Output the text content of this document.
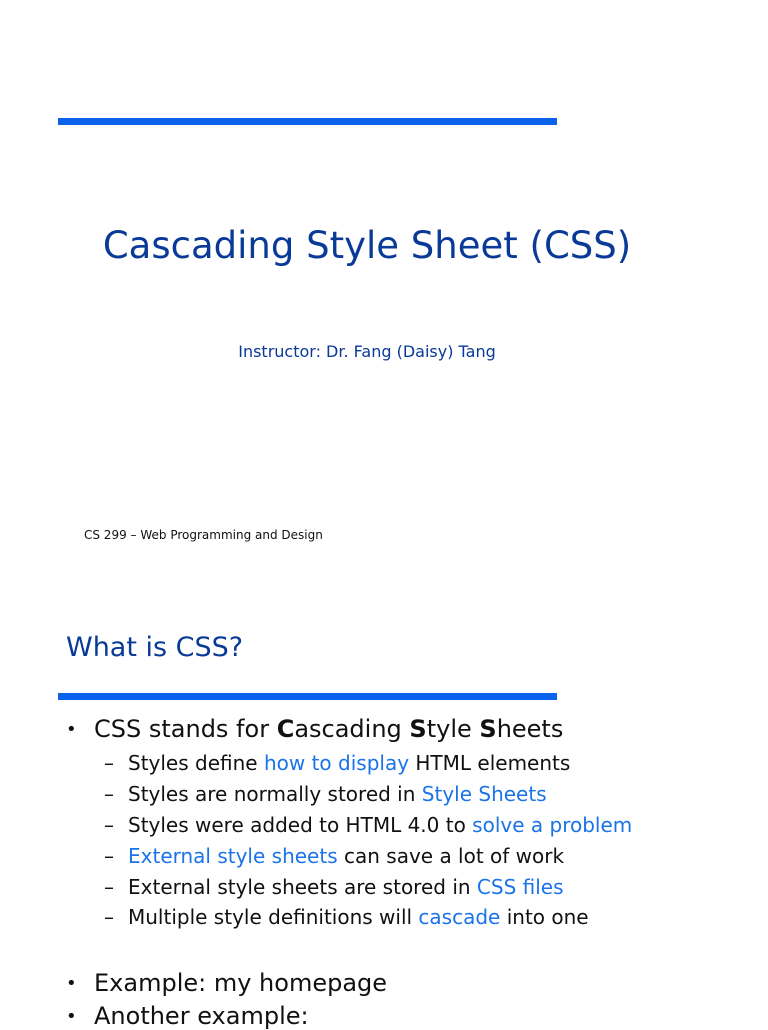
Cascading Style Sheet (CSS)
Instructor: Dr. Fang (Daisy) Tang
CS 299 – Web Programming and Design
What is CSS?
• CSS stands for Cascading Style Sheets
– Styles define how to display HTML elements
– Styles are normally stored in Style Sheets
– Styles were added to HTML 4.0 to solve a problem
– External style sheets can save a lot of work
– External style sheets are stored in CSS files
– Multiple style definitions will cascade into one
• Example: my homepage
• Another example:
